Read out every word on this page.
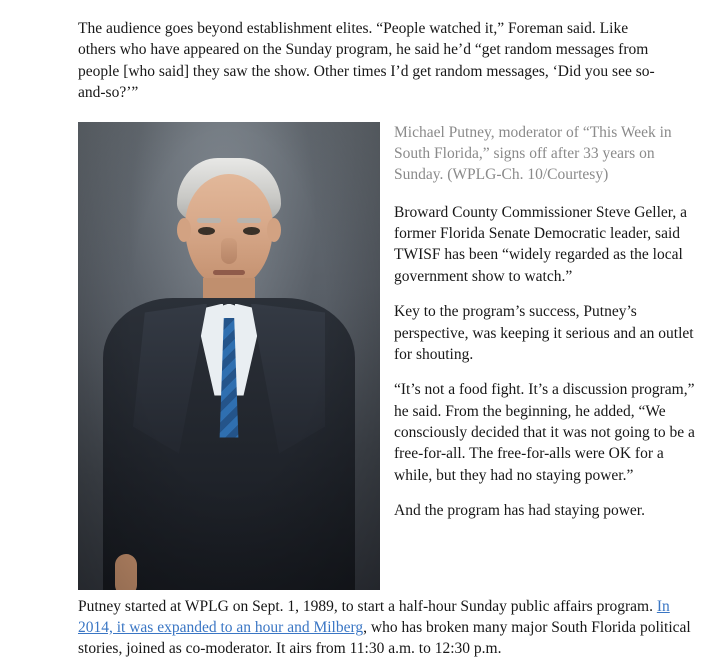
The audience goes beyond establishment elites. “People watched it,” Foreman said. Like others who have appeared on the Sunday program, he said he’d “get random messages from people [who said] they saw the show. Other times I’d get random messages, ‘Did you see so-and-so?’”

Michael Putney, moderator of “This Week in South Florida,” signs off after 33 years on Sunday. (WPLG-Ch. 10/Courtesy)

Broward County Commissioner Steve Geller, a former Florida Senate Democratic leader, said TWISF has been “widely regarded as the local government show to watch.”

Key to the program’s success, Putney’s perspective, was keeping it serious and an outlet for shouting.

“It’s not a food fight. It’s a discussion program,” he said. From the beginning, he added, “We consciously decided that it was not going to be a free-for-all. The free-for-alls were OK for a while, but they had no staying power.”

And the program has had staying power.

Putney started at WPLG on Sept. 1, 1989, to start a half-hour Sunday public affairs program. In 2014, it was expanded to an hour and Milberg, who has broken many major South Florida political stories, joined as co-moderator. It airs from 11:30 a.m. to 12:30 p.m.
